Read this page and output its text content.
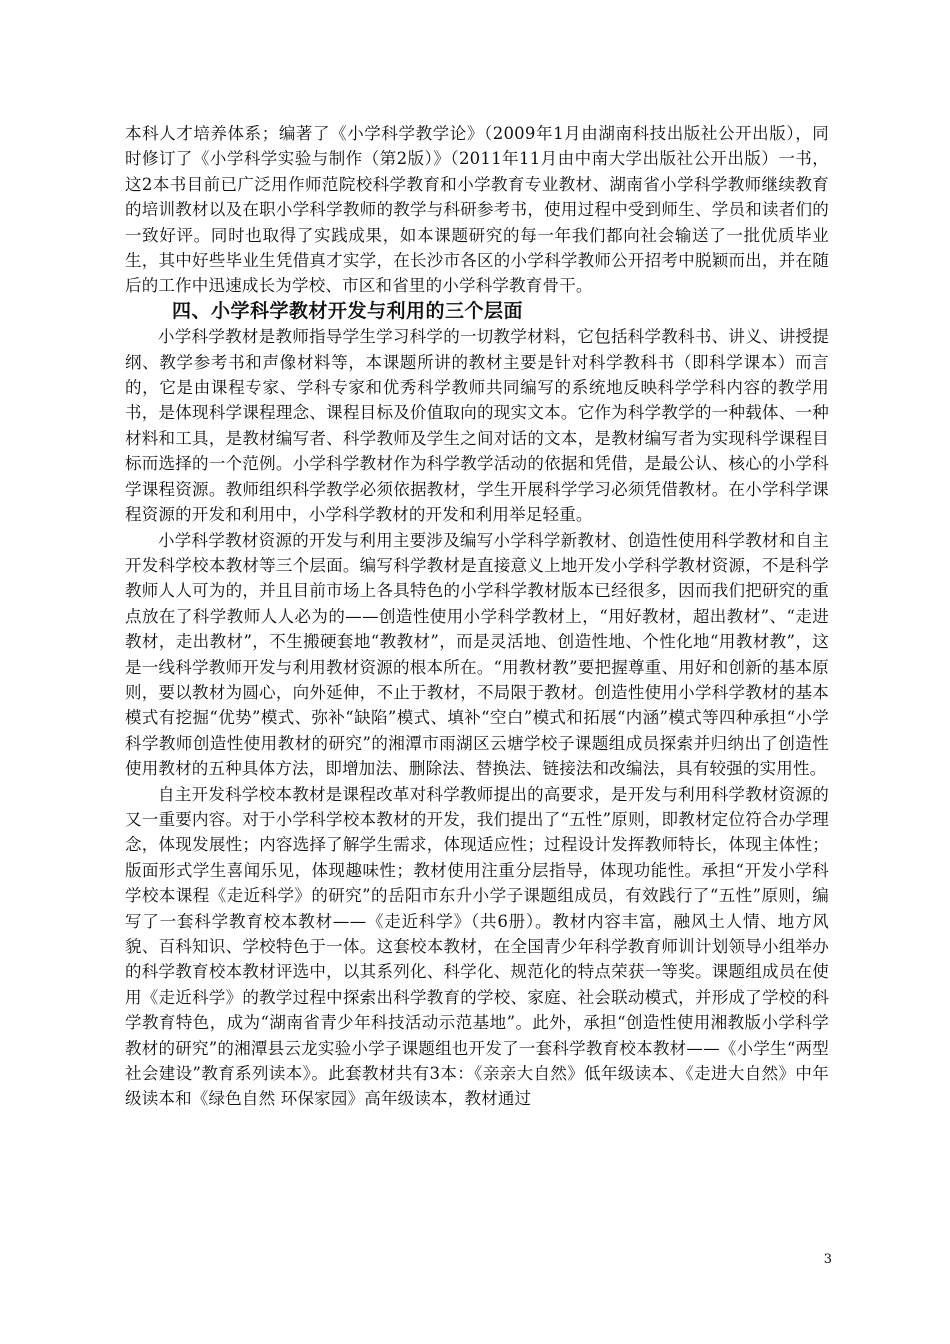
本科人才培养体系；编著了《小学科学教学论》（2009年1月由湖南科技出版社公开出版），同时修订了《小学科学实验与制作（第2版）》（2011年11月由中南大学出版社公开出版）一书，这2本书目前已广泛用作师范院校科学教育和小学教育专业教材、湖南省小学科学教师继续教育的培训教材以及在职小学科学教师的教学与科研参考书，使用过程中受到师生、学员和读者们的一致好评。同时也取得了实践成果，如本课题研究的每一年我们都向社会输送了一批优质毕业生，其中好些毕业生凭借真才实学，在长沙市各区的小学科学教师公开招考中脱颖而出，并在随后的工作中迅速成长为学校、市区和省里的小学科学教育骨干。

四、小学科学教材开发与利用的三个层面

小学科学教材是教师指导学生学习科学的一切教学材料，它包括科学教科书、讲义、讲授提纲、教学参考书和声像材料等，本课题所讲的教材主要是针对科学教科书（即科学课本）而言的，它是由课程专家、学科专家和优秀科学教师共同编写的系统地反映科学学科内容的教学用书，是体现科学课程理念、课程目标及价值取向的现实文本。它作为科学教学的一种载体、一种材料和工具，是教材编写者、科学教师及学生之间对话的文本，是教材编写者为实现科学课程目标而选择的一个范例。小学科学教材作为科学教学活动的依据和凭借，是最公认、核心的小学科学课程资源。教师组织科学教学必须依据教材，学生开展科学学习必须凭借教材。在小学科学课程资源的开发和利用中，小学科学教材的开发和利用举足轻重。

小学科学教材资源的开发与利用主要涉及编写小学科学新教材、创造性使用科学教材和自主开发科学校本教材等三个层面。编写科学教材是直接意义上地开发小学科学教材资源，不是科学教师人人可为的，并且目前市场上各具特色的小学科学教材版本已经很多，因而我们把研究的重点放在了科学教师人人必为的——创造性使用小学科学教材上，“用好教材，超出教材”、“走进教材，走出教材”，不生搬硬套地“教教材”，而是灵活地、创造性地、个性化地“用教材教”，这是一线科学教师开发与利用教材资源的根本所在。“用教材教”要把握尊重、用好和创新的基本原则，要以教材为圆心，向外延伸，不止于教材，不局限于教材。创造性使用小学科学教材的基本模式有挖掘“优势”模式、弥补“缺陷”模式、填补“空白”模式和拓展“内涵”模式等四种承担“小学科学教师创造性使用教材的研究”的湘潭市雨湖区云塘学校子课题组成员探索并归纳出了创造性使用教材的五种具体方法，即增加法、删除法、替换法、链接法和改编法，具有较强的实用性。

自主开发科学校本教材是课程改革对科学教师提出的高要求，是开发与利用科学教材资源的又一重要内容。对于小学科学校本教材的开发，我们提出了“五性”原则，即教材定位符合办学理念，体现发展性；内容选择了解学生需求，体现适应性；过程设计发挥教师特长，体现主体性；版面形式学生喜闻乐见，体现趣味性；教材使用注重分层指导，体现功能性。承担“开发小学科学校本课程《走近科学》的研究”的岳阳市东升小学子课题组成员，有效践行了“五性”原则，编写了一套科学教育校本教材——《走近科学》（共6册）。教材内容丰富，融风土人情、地方风貌、百科知识、学校特色于一体。这套校本教材，在全国青少年科学教育师训计划领导小组举办的科学教育校本教材评选中，以其系列化、科学化、规范化的特点荣获一等奖。课题组成员在使用《走近科学》的教学过程中探索出科学教育的学校、家庭、社会联动模式，并形成了学校的科学教育特色，成为“湖南省青少年科技活动示范基地”。此外，承担“创造性使用湘教版小学科学教材的研究”的湘潭县云龙实验小学子课题组也开发了一套科学教育校本教材——《小学生“两型社会建设”教育系列读本》。此套教材共有3本：《亲亲大自然》低年级读本、《走进大自然》中年级读本和《绿色自然 环保家园》高年级读本，教材通过

3
